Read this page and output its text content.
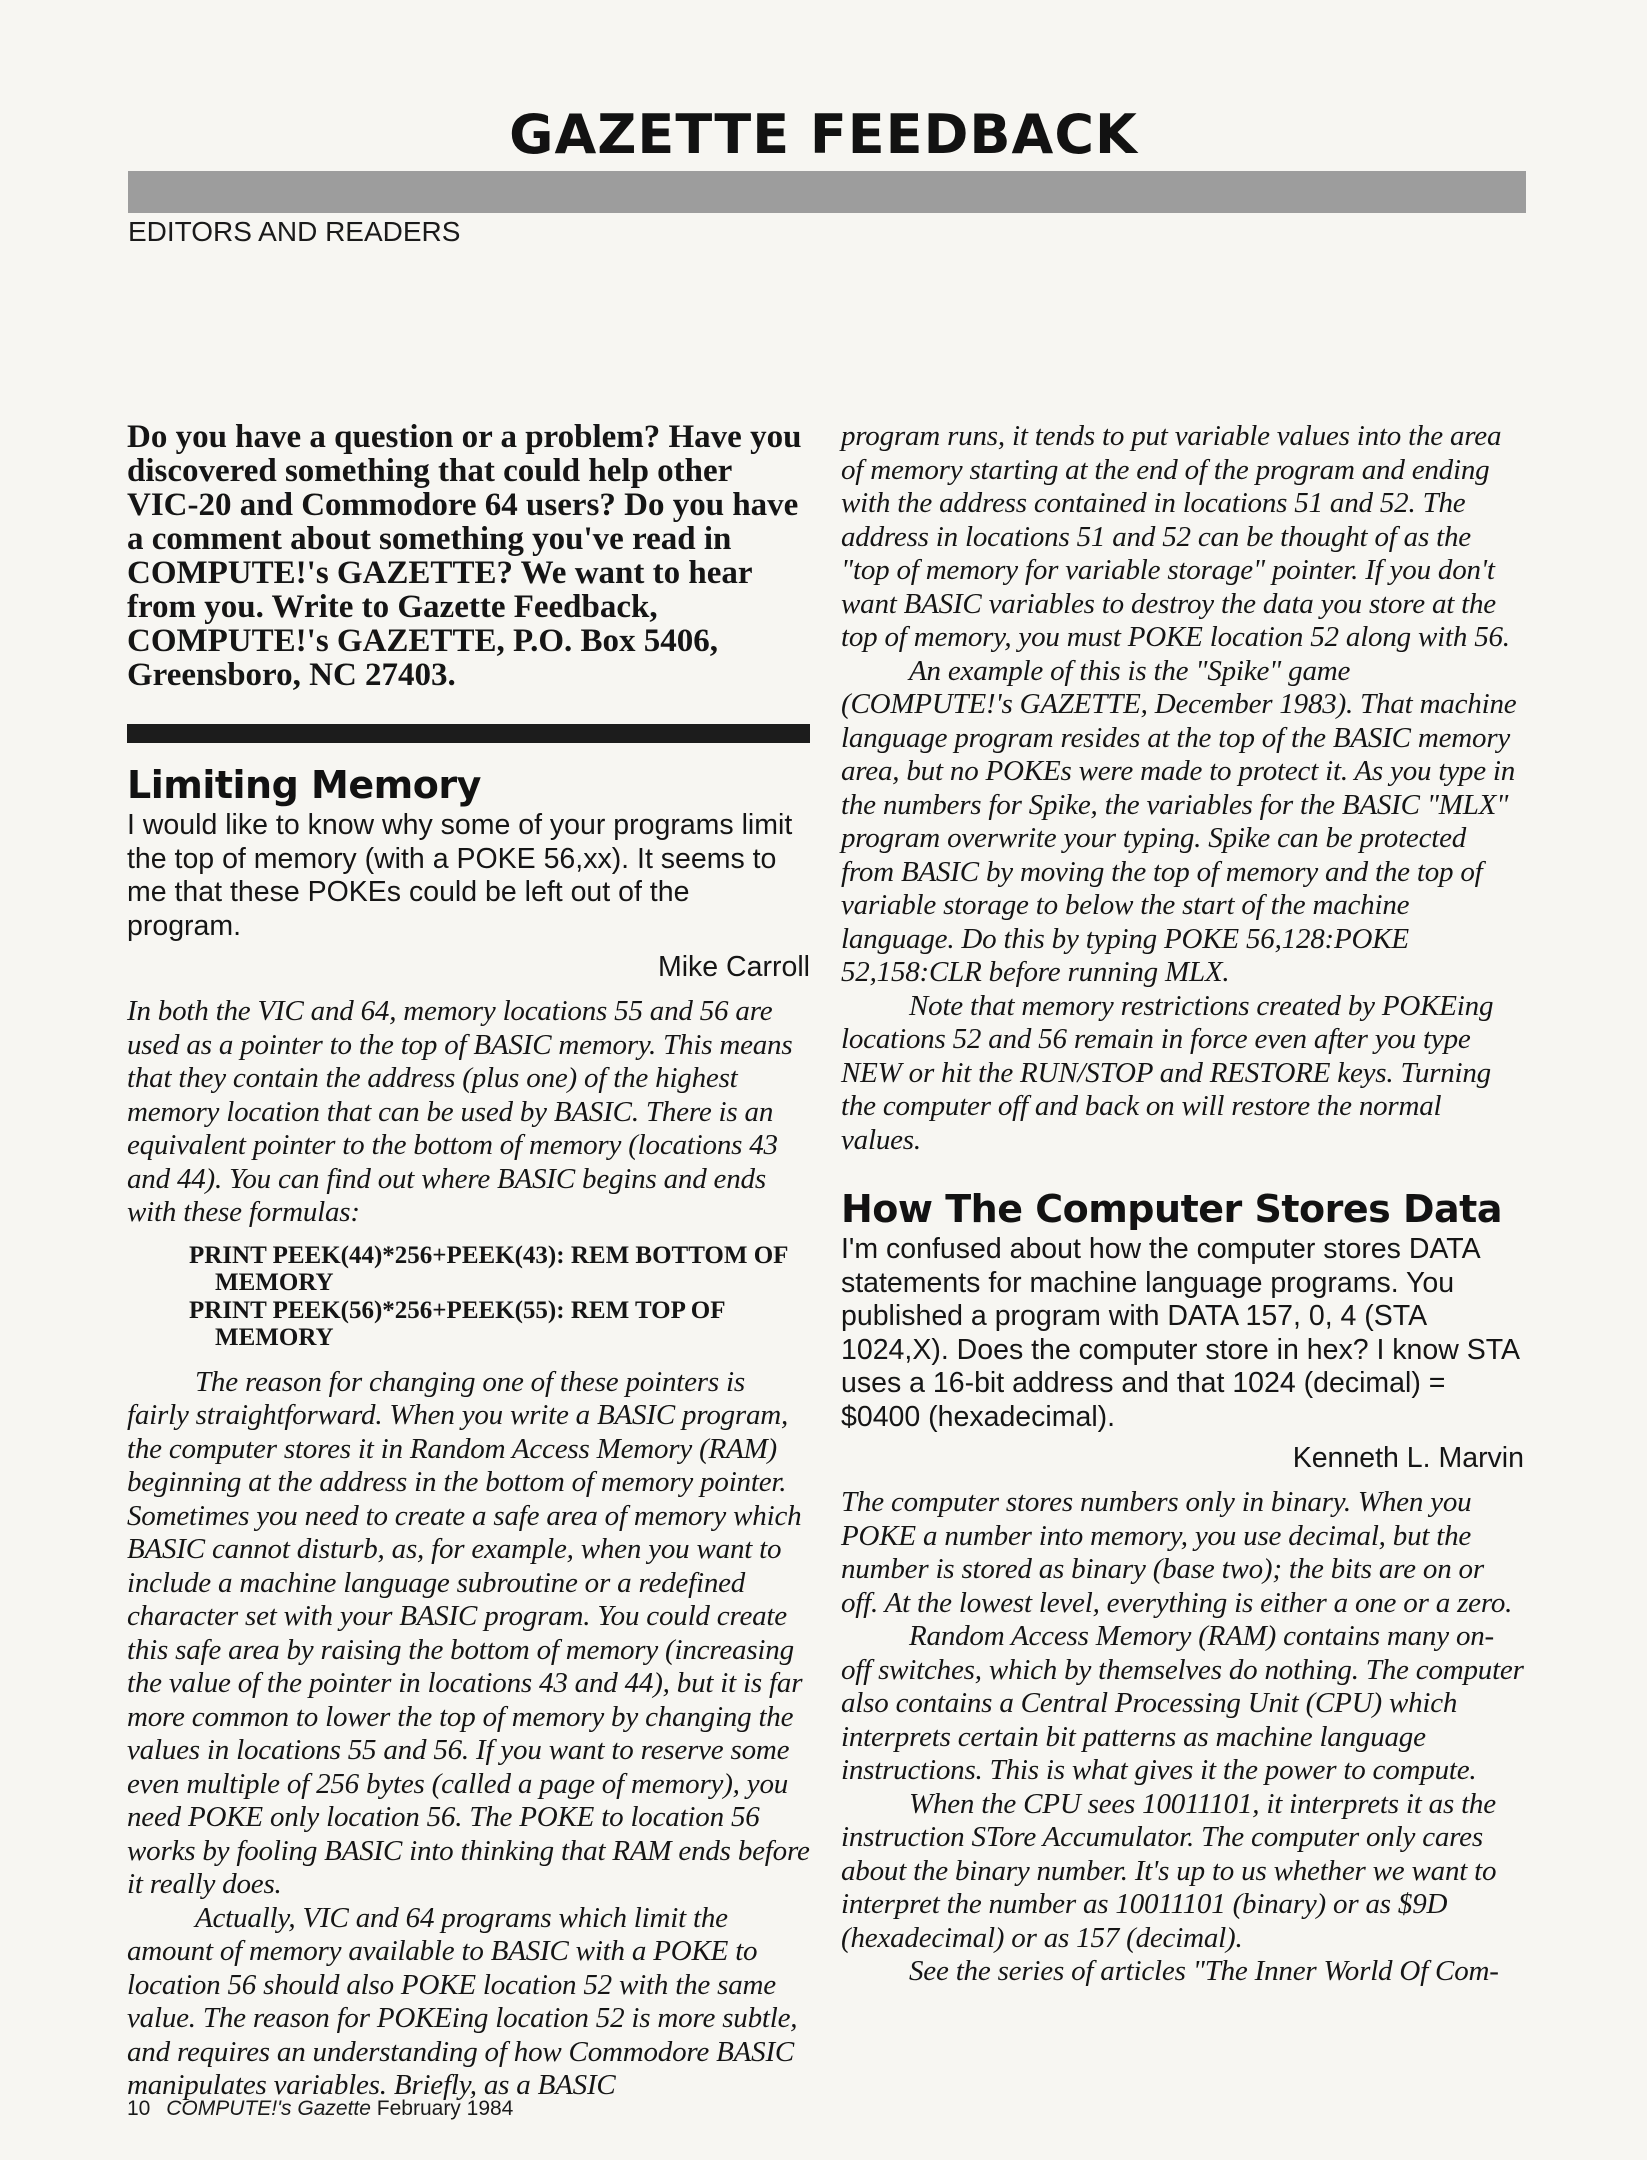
GAZETTE FEEDBACK
EDITORS AND READERS

Do you have a question or a problem? Have you discovered something that could help other VIC-20 and Commodore 64 users? Do you have a comment about something you've read in COMPUTE!'s GAZETTE? We want to hear from you. Write to Gazette Feedback, COMPUTE!'s GAZETTE, P.O. Box 5406, Greensboro, NC 27403.

Limiting Memory

I would like to know why some of your programs limit the top of memory (with a POKE 56,xx). It seems to me that these POKEs could be left out of the program.

Mike Carroll

In both the VIC and 64, memory locations 55 and 56 are used as a pointer to the top of BASIC memory. This means that they contain the address (plus one) of the highest memory location that can be used by BASIC. There is an equivalent pointer to the bottom of memory (locations 43 and 44). You can find out where BASIC begins and ends with these formulas:

PRINT PEEK(44)*256+PEEK(43): REM BOTTOM OF MEMORY
PRINT PEEK(56)*256+PEEK(55): REM TOP OF MEMORY

The reason for changing one of these pointers is fairly straightforward. When you write a BASIC program, the computer stores it in Random Access Memory (RAM) beginning at the address in the bottom of memory pointer. Sometimes you need to create a safe area of memory which BASIC cannot disturb, as, for example, when you want to include a machine language subroutine or a redefined character set with your BASIC program. You could create this safe area by raising the bottom of memory (increasing the value of the pointer in locations 43 and 44), but it is far more common to lower the top of memory by changing the values in locations 55 and 56. If you want to reserve some even multiple of 256 bytes (called a page of memory), you need POKE only location 56. The POKE to location 56 works by fooling BASIC into thinking that RAM ends before it really does.

Actually, VIC and 64 programs which limit the amount of memory available to BASIC with a POKE to location 56 should also POKE location 52 with the same value. The reason for POKEing location 52 is more subtle, and requires an understanding of how Commodore BASIC manipulates variables. Briefly, as a BASIC

program runs, it tends to put variable values into the area of memory starting at the end of the program and ending with the address contained in locations 51 and 52. The address in locations 51 and 52 can be thought of as the "top of memory for variable storage" pointer. If you don't want BASIC variables to destroy the data you store at the top of memory, you must POKE location 52 along with 56.

An example of this is the "Spike" game (COMPUTE!'s GAZETTE, December 1983). That machine language program resides at the top of the BASIC memory area, but no POKEs were made to protect it. As you type in the numbers for Spike, the variables for the BASIC "MLX" program overwrite your typing. Spike can be protected from BASIC by moving the top of memory and the top of variable storage to below the start of the machine language. Do this by typing POKE 56,128:POKE 52,158:CLR before running MLX.

Note that memory restrictions created by POKEing locations 52 and 56 remain in force even after you type NEW or hit the RUN/STOP and RESTORE keys. Turning the computer off and back on will restore the normal values.

How The Computer Stores Data

I'm confused about how the computer stores DATA statements for machine language programs. You published a program with DATA 157, 0, 4 (STA 1024,X). Does the computer store in hex? I know STA uses a 16-bit address and that 1024 (decimal) = $0400 (hexadecimal).

Kenneth L. Marvin

The computer stores numbers only in binary. When you POKE a number into memory, you use decimal, but the number is stored as binary (base two); the bits are on or off. At the lowest level, everything is either a one or a zero.

Random Access Memory (RAM) contains many on-off switches, which by themselves do nothing. The computer also contains a Central Processing Unit (CPU) which interprets certain bit patterns as machine language instructions. This is what gives it the power to compute.

When the CPU sees 10011101, it interprets it as the instruction STore Accumulator. The computer only cares about the binary number. It's up to us whether we want to interpret the number as 10011101 (binary) or as $9D (hexadecimal) or as 157 (decimal).

See the series of articles "The Inner World Of Com-

10 COMPUTE!'s Gazette February 1984
